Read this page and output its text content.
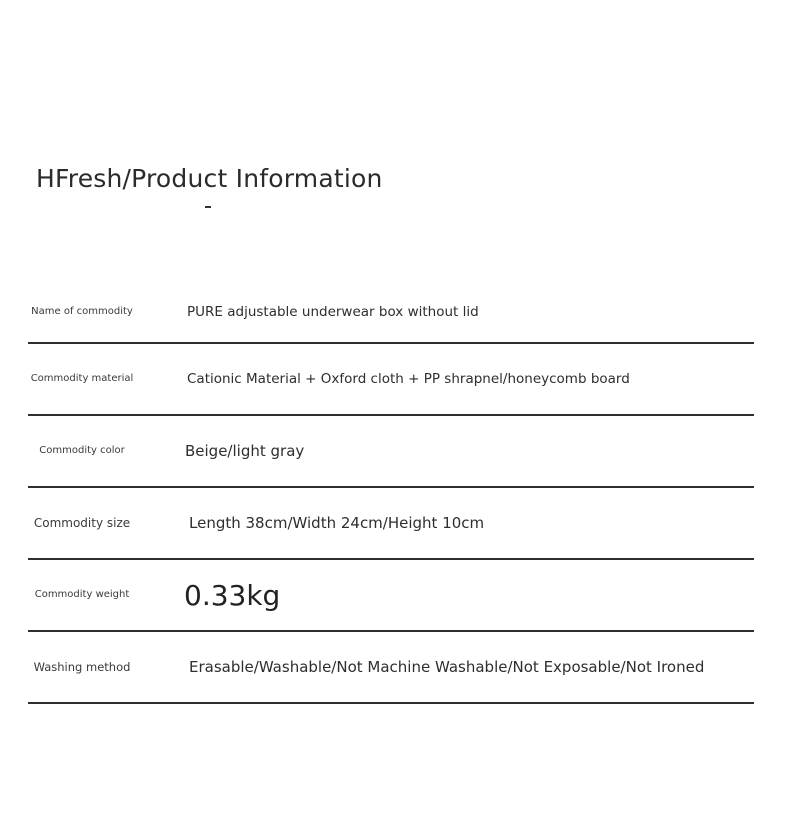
HFresh/Product Information
Name of commodity	PURE adjustable underwear box without lid
Commodity material	Cationic Material + Oxford cloth + PP shrapnel/honeycomb board
Commodity color	Beige/light gray
Commodity size	Length 38cm/Width 24cm/Height 10cm
Commodity weight 0.33kg
Washing method	Erasable/Washable/Not Machine Washable/Not Exposable/Not Ironed
